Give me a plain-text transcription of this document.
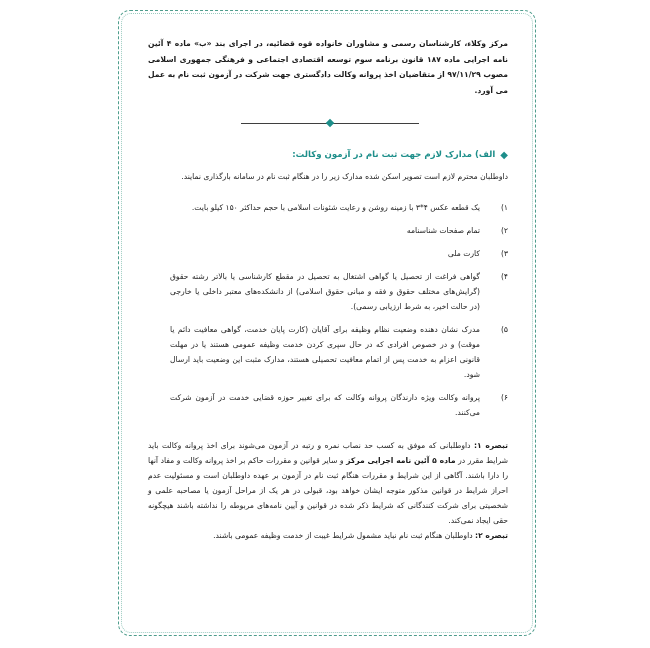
مرکز وکلاء، کارشناسان رسمی و مشاوران خانواده قوه قضائیه، در اجرای بند «ب» ماده ۴ آئین نامه اجرایی ماده ۱۸۷ قانون برنامه سوم توسعه اقتصادی اجتماعی و فرهنگی جمهوری اسلامی مصوب ۹۷/۱۱/۲۹ از متقاضیان اخذ پروانه وکالت دادگستری جهت شرکت در آزمون ثبت نام به عمل می آورد.

◆
الف) مدارک لازم جهت ثبت نام در آزمون وکالت:

داوطلبان محترم لازم است تصویر اسکن شده مدارک زیر را در هنگام ثبت نام در سامانه بارگذاری نمایند.

۱)
یک قطعه عکس ۴*۳ با زمینه روشن و رعایت شئونات اسلامی با حجم حداکثر ۱۵۰ کیلو بایت.
۲)
تمام صفحات شناسنامه
۳)
کارت ملی
۴)
گواهی فراغت از تحصیل یا گواهی اشتغال به تحصیل در مقطع کارشناسی یا بالاتر رشته حقوق (گرایش‌های مختلف حقوق و فقه و مبانی حقوق اسلامی) از دانشکده‌های معتبر داخلی یا خارجی (در حالت اخیر، به شرط ارزیابی رسمی).
۵)
مدرک نشان دهنده وضعیت نظام وظیفه برای آقایان (کارت پایان خدمت، گواهی معافیت دائم یا موقت) و در خصوص افرادی که در حال سپری کردن خدمت وظیفه عمومی هستند یا در مهلت قانونی اعزام به خدمت پس از اتمام معافیت تحصیلی هستند، مدارک مثبت این وضعیت باید ارسال شود.
۶)
پروانه وکالت ویژه دارندگان پروانه وکالت که برای تغییر حوزه قضایی خدمت در آزمون شرکت می‌کنند.

تبصره ۱: داوطلبانی که موفق به کسب حد نصاب نمره و رتبه در آزمون می‌شوند برای اخذ پروانه وکالت باید شرایط مقرر در ماده ۵ آئین نامه اجرایی مرکز و سایر قوانین و مقررات حاکم بر اخذ پروانه وکالت و مفاد آنها را دارا باشند. آگاهی از این شرایط و مقررات هنگام ثبت نام در آزمون بر عهده داوطلبان است و مسئولیت عدم احراز شرایط در قوانین مذکور متوجه ایشان خواهد بود، قبولی در هر یک از مراحل آزمون یا مصاحبه علمی و شخصیتی برای شرکت کنندگانی که شرایط ذکر شده در قوانین و آیین نامه‌های مربوطه را نداشته باشند هیچگونه حقی ایجاد نمی‌کند.

تبصره ۲: داوطلبان هنگام ثبت نام نباید مشمول شرایط غیبت از خدمت وظیفه عمومی باشند.
